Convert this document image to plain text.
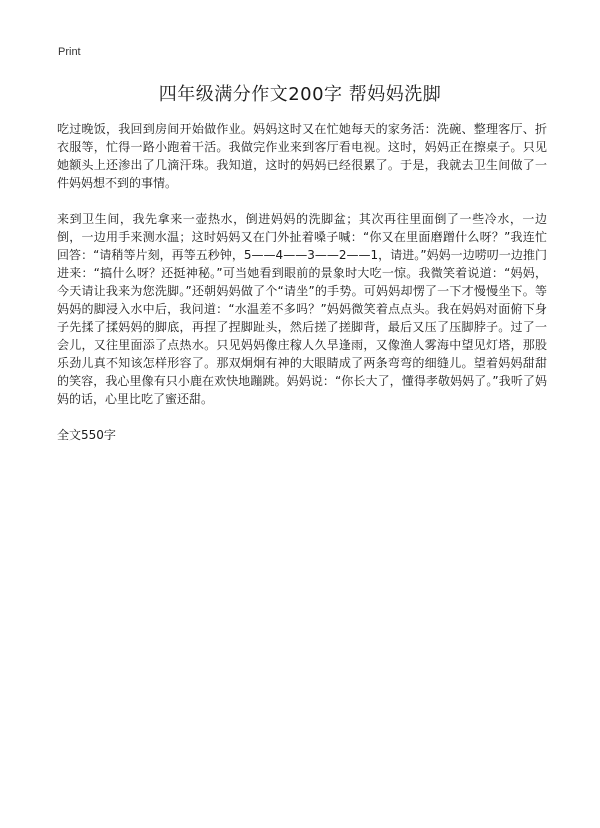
Print
四年级满分作文200字 帮妈妈洗脚

吃过晚饭，我回到房间开始做作业。妈妈这时又在忙她每天的家务活：洗碗、整理客厅、折衣服等，忙得一路小跑着干活。我做完作业来到客厅看电视。这时，妈妈正在擦桌子。只见她额头上还渗出了几滴汗珠。我知道，这时的妈妈已经很累了。于是，我就去卫生间做了一件妈妈想不到的事情。

来到卫生间，我先拿来一壶热水，倒进妈妈的洗脚盆；其次再往里面倒了一些冷水，一边倒，一边用手来测水温；这时妈妈又在门外扯着嗓子喊：“你又在里面磨蹭什么呀？”我连忙回答：“请稍等片刻，再等五秒钟，5——4——3——2——1，请进。”妈妈一边唠叨一边推门进来：“搞什么呀？还挺神秘。”可当她看到眼前的景象时大吃一惊。我微笑着说道：“妈妈，今天请让我来为您洗脚。”还朝妈妈做了个“请坐”的手势。可妈妈却愣了一下才慢慢坐下。等妈妈的脚浸入水中后，我问道：“水温差不多吗？”妈妈微笑着点点头。我在妈妈对面俯下身子先揉了揉妈妈的脚底，再捏了捏脚趾头，然后搓了搓脚背，最后又压了压脚脖子。过了一会儿，又往里面添了点热水。只见妈妈像庄稼人久旱逢雨，又像渔人雾海中望见灯塔，那股乐劲儿真不知该怎样形容了。那双炯炯有神的大眼睛成了两条弯弯的细缝儿。望着妈妈甜甜的笑容，我心里像有只小鹿在欢快地蹦跳。妈妈说：“你长大了，懂得孝敬妈妈了。”我听了妈妈的话，心里比吃了蜜还甜。

全文550字
